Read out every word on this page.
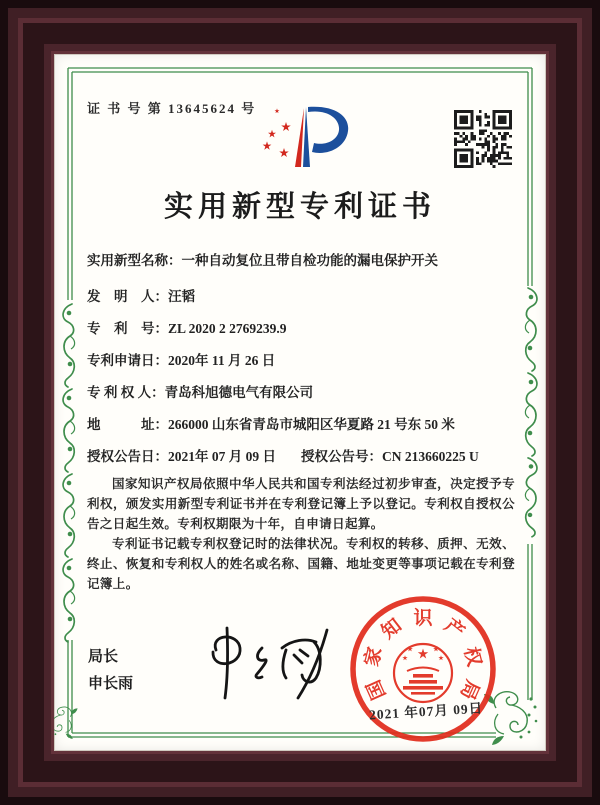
证 书 号 第 13645624 号
实用新型专利证书
实用新型名称：一种自动复位且带自检功能的漏电保护开关
发　明　人：汪韬
专　利　号：ZL 2020 2 2769239.9
专利申请日：2020年 11 月 26 日
专 利 权 人：青岛科旭德电气有限公司
地　　　址：266000 山东省青岛市城阳区华夏路 21 号东 50 米
授权公告日：2021年 07 月 09 日	授权公告号：CN 213660225 U

国家知识产权局依照中华人民共和国专利法经过初步审查，决定授予专利权，颁发实用新型专利证书并在专利登记簿上予以登记。专利权自授权公告之日起生效。专利权期限为十年，自申请日起算。

专利证书记载专利权登记时的法律状况。专利权的转移、质押、无效、终止、恢复和专利权人的姓名或名称、国籍、地址变更等事项记载在专利登记簿上。

局长
申长雨	国
家
知 识 产
权
局
2021 年07月 09日
